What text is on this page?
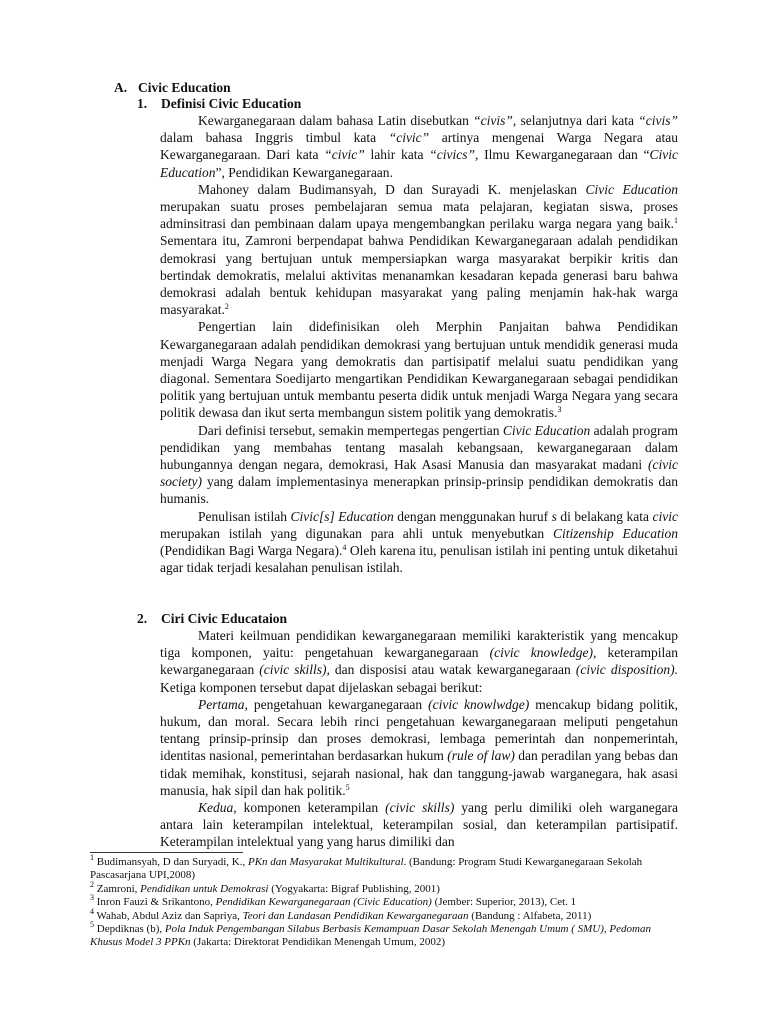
A. Civic Education
1. Definisi Civic Education

Kewarganegaraan dalam bahasa Latin disebutkan “civis”, selanjutnya dari kata “civis” dalam bahasa Inggris timbul kata “civic” artinya mengenai Warga Negara atau Kewarganegaraan. Dari kata “civic” lahir kata “civics”, Ilmu Kewarganegaraan dan “Civic Education”, Pendidikan Kewarganegaraan.

Mahoney dalam Budimansyah, D dan Surayadi K. menjelaskan Civic Education merupakan suatu proses pembelajaran semua mata pelajaran, kegiatan siswa, proses adminsitrasi dan pembinaan dalam upaya mengembangkan perilaku warga negara yang baik.$^1$ Sementara itu, Zamroni berpendapat bahwa Pendidikan Kewarganegaraan adalah pendidikan demokrasi yang bertujuan untuk mempersiapkan warga masyarakat berpikir kritis dan bertindak demokratis, melalui aktivitas menanamkan kesadaran kepada generasi baru bahwa demokrasi adalah bentuk kehidupan masyarakat yang paling menjamin hak-hak warga masyarakat.$^2$

Pengertian lain didefinisikan oleh Merphin Panjaitan bahwa Pendidikan Kewarganegaraan adalah pendidikan demokrasi yang bertujuan untuk mendidik generasi muda menjadi Warga Negara yang demokratis dan partisipatif melalui suatu pendidikan yang diagonal. Sementara Soedijarto mengartikan Pendidikan Kewarganegaraan sebagai pendidikan politik yang bertujuan untuk membantu peserta didik untuk menjadi Warga Negara yang secara politik dewasa dan ikut serta membangun sistem politik yang demokratis.$^3$

Dari definisi tersebut, semakin mempertegas pengertian Civic Education adalah program pendidikan yang membahas tentang masalah kebangsaan, kewarganegaraan dalam hubungannya dengan negara, demokrasi, Hak Asasi Manusia dan masyarakat madani (civic society) yang dalam implementasinya menerapkan prinsip-prinsip pendidikan demokratis dan humanis.

Penulisan istilah Civic[s] Education dengan menggunakan huruf s di belakang kata civic merupakan istilah yang digunakan para ahli untuk menyebutkan Citizenship Education (Pendidikan Bagi Warga Negara).$^4$ Oleh karena itu, penulisan istilah ini penting untuk diketahui agar tidak terjadi kesalahan penulisan istilah.

2. Ciri Civic Educataion

Materi keilmuan pendidikan kewarganegaraan memiliki karakteristik yang mencakup tiga komponen, yaitu: pengetahuan kewarganegaraan (civic knowledge), keterampilan kewarganegaraan (civic skills), dan disposisi atau watak kewarganegaraan (civic disposition). Ketiga komponen tersebut dapat dijelaskan sebagai berikut:

Pertama, pengetahuan kewarganegaraan (civic knowlwdge) mencakup bidang politik, hukum, dan moral. Secara lebih rinci pengetahuan kewarganegaraan meliputi pengetahun tentang prinsip-prinsip dan proses demokrasi, lembaga pemerintah dan nonpemerintah, identitas nasional, pemerintahan berdasarkan hukum (rule of law) dan peradilan yang bebas dan tidak memihak, konstitusi, sejarah nasional, hak dan tanggung-jawab warganegara, hak asasi manusia, hak sipil dan hak politik.$^5$

Kedua, komponen keterampilan (civic skills) yang perlu dimiliki oleh warganegara antara lain keterampilan intelektual, keterampilan sosial, dan keterampilan partisipatif. Keterampilan intelektual yang yang harus dimiliki dan

$^1$ Budimansyah, D dan Suryadi, K., PKn dan Masyarakat Multikultural. (Bandung: Program Studi Kewarganegaraan Sekolah Pascasarjana UPI,2008)

$^2$ Zamroni, Pendidikan untuk Demokrasi (Yogyakarta: Bigraf Publishing, 2001)

$^3$ Inron Fauzi & Srikantono, Pendidikan Kewarganegaraan (Civic Education) (Jember: Superior, 2013), Cet. 1

$^4$ Wahab, Abdul Aziz dan Sapriya, Teori dan Landasan Pendidikan Kewarganegaraan (Bandung : Alfabeta, 2011)

$^5$ Depdiknas (b), Pola Induk Pengembangan Silabus Berbasis Kemampuan Dasar Sekolah Menengah Umum ( SMU), Pedoman Khusus Model 3 PPKn (Jakarta: Direktorat Pendidikan Menengah Umum, 2002)
